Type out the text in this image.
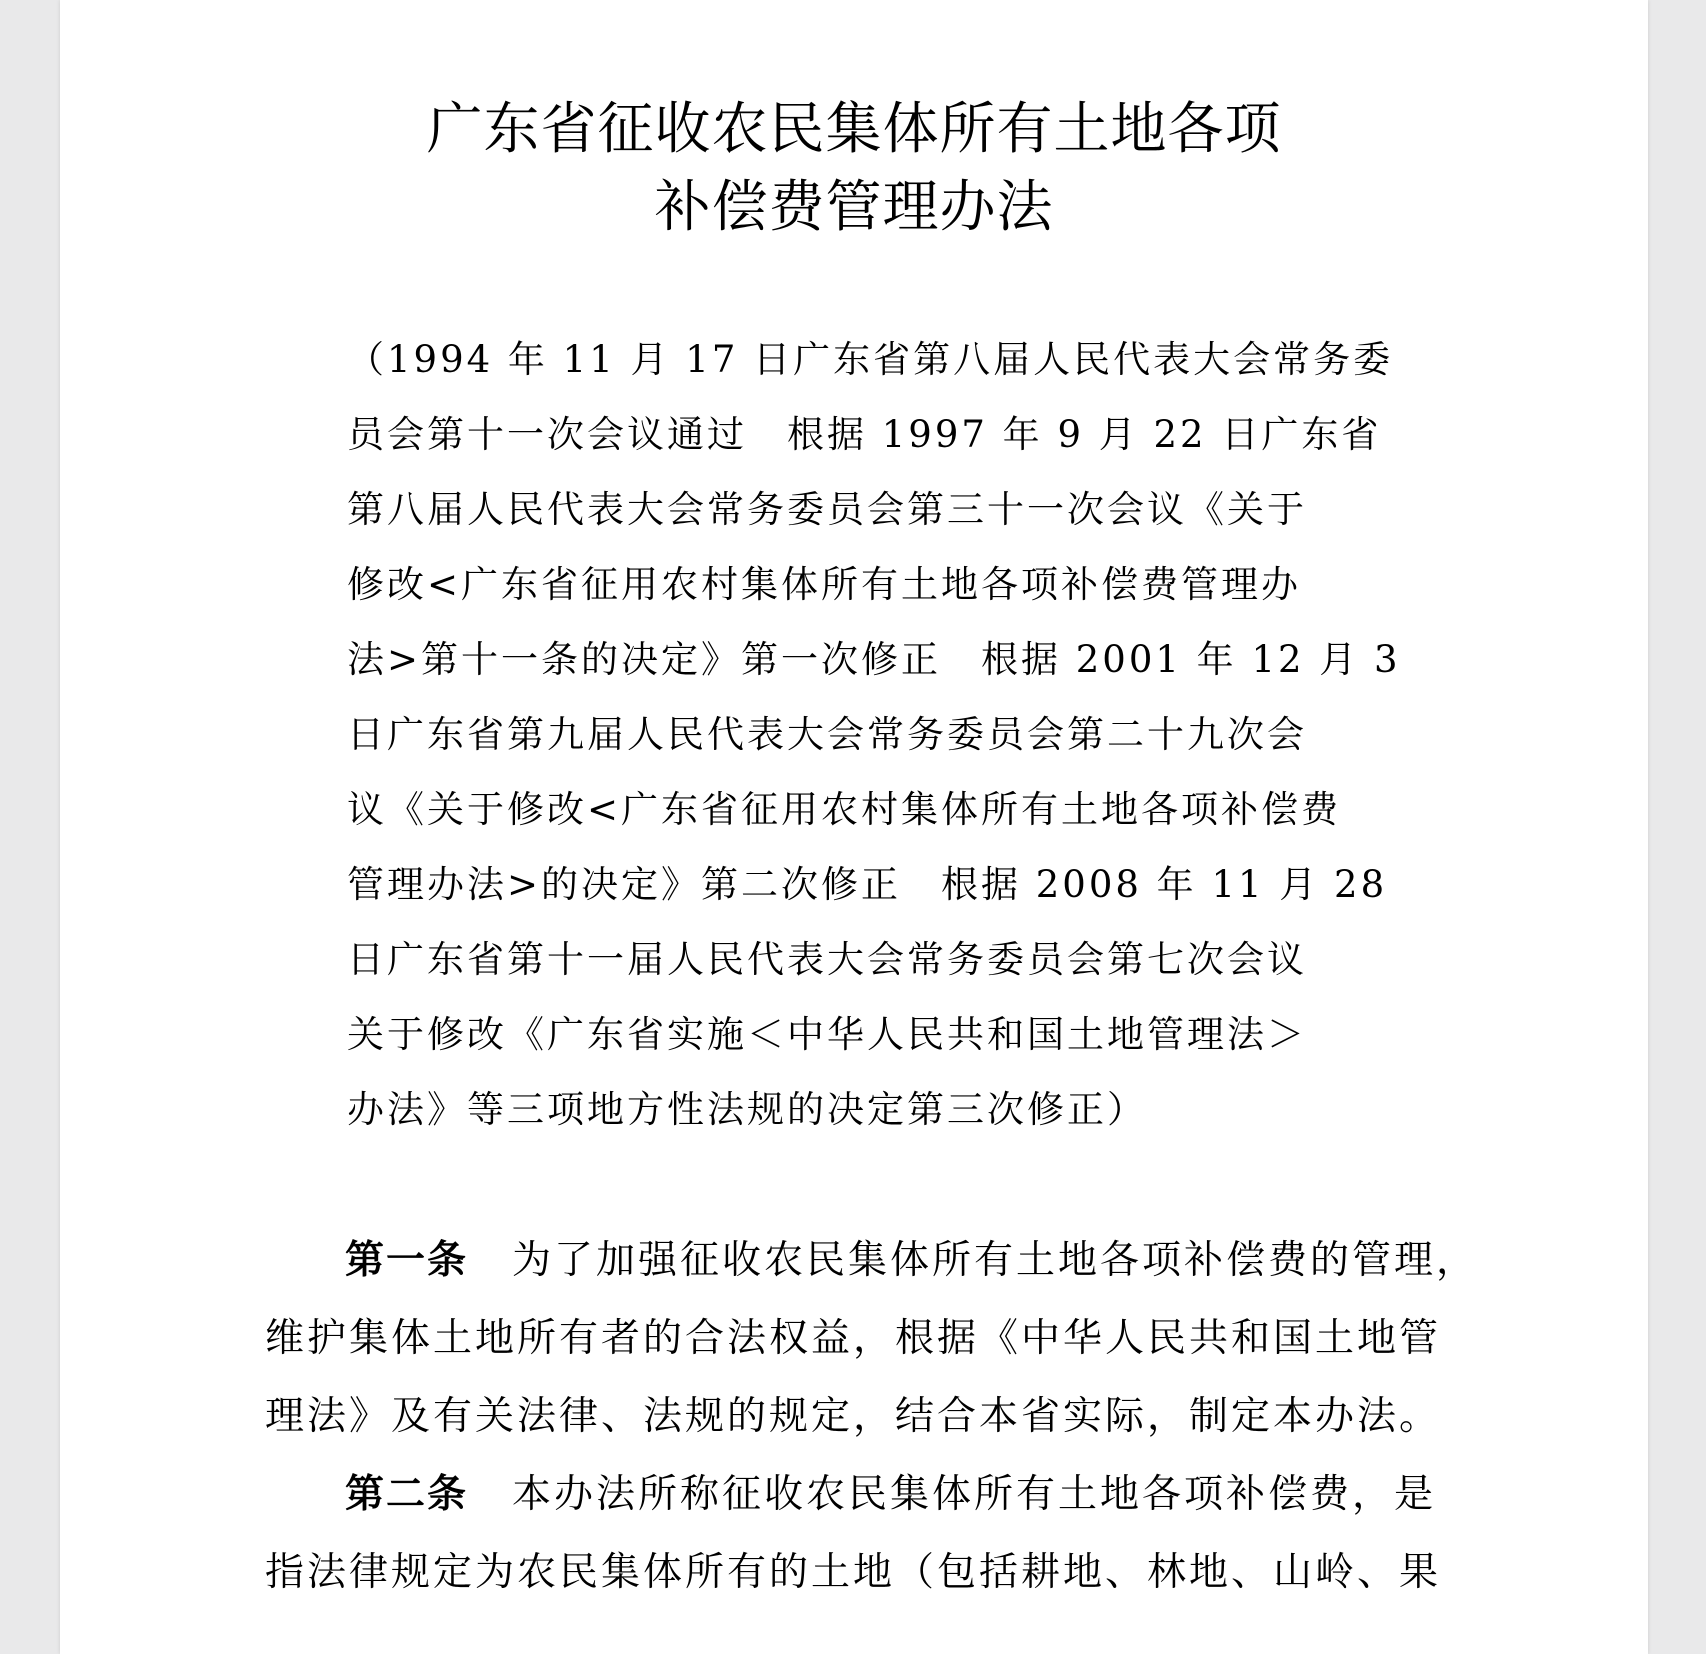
广东省征收农民集体所有土地各项
补偿费管理办法
（1994 年 11 月 17 日广东省第八届人民代表大会常务委
员会第十一次会议通过　根据 1997 年 9 月 22 日广东省
第八届人民代表大会常务委员会第三十一次会议《关于
修改<广东省征用农村集体所有土地各项补偿费管理办
法>第十一条的决定》第一次修正　根据 2001 年 12 月 3
日广东省第九届人民代表大会常务委员会第二十九次会
议《关于修改<广东省征用农村集体所有土地各项补偿费
管理办法>的决定》第二次修正　根据 2008 年 11 月 28
日广东省第十一届人民代表大会常务委员会第七次会议
关于修改《广东省实施＜中华人民共和国土地管理法＞
办法》等三项地方性法规的决定第三次修正）
第一条 为了加强征收农民集体所有土地各项补偿费的管理，
维护集体土地所有者的合法权益，根据《中华人民共和国土地管
理法》及有关法律、法规的规定，结合本省实际，制定本办法。
第二条 本办法所称征收农民集体所有土地各项补偿费，是
指法律规定为农民集体所有的土地（包括耕地、林地、山岭、果
